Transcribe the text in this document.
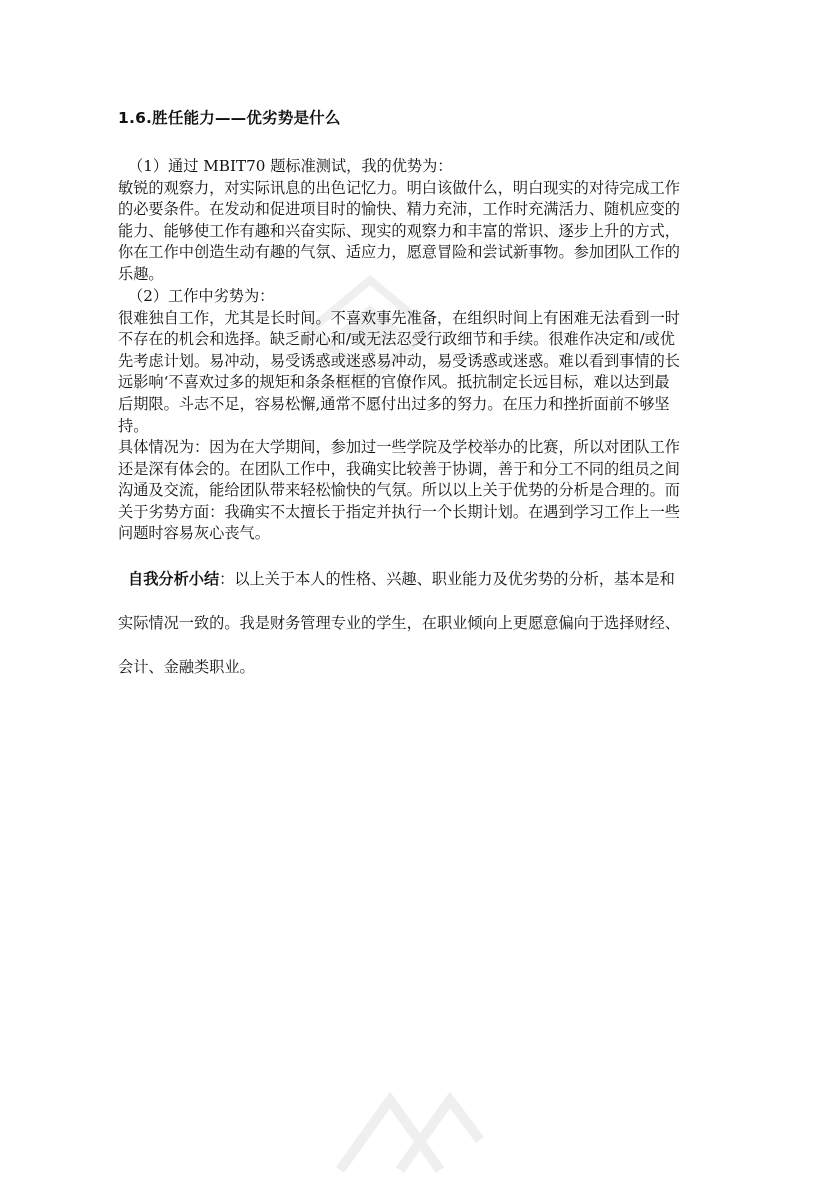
1.6.胜任能力——优劣势是什么

（1）通过 MBIT70 题标准测试，我的优势为：

敏锐的观察力，对实际讯息的出色记忆力。明白该做什么，明白现实的对待完成工作

的必要条件。在发动和促进项目时的愉快、精力充沛，工作时充满活力、随机应变的

能力、能够使工作有趣和兴奋实际、现实的观察力和丰富的常识、逐步上升的方式，

你在工作中创造生动有趣的气氛、适应力，愿意冒险和尝试新事物。参加团队工作的

乐趣。

（2）工作中劣势为：

很难独自工作，尤其是长时间。不喜欢事先准备，在组织时间上有困难无法看到一时

不存在的机会和选择。缺乏耐心和/或无法忍受行政细节和手续。很难作决定和/或优

先考虑计划。易冲动，易受诱惑或迷惑易冲动，易受诱惑或迷惑。难以看到事情的长

远影响‘不喜欢过多的规矩和条条框框的官僚作风。抵抗制定长远目标，难以达到最

后期限。斗志不足，容易松懈,通常不愿付出过多的努力。在压力和挫折面前不够坚

持。

具体情况为：因为在大学期间，参加过一些学院及学校举办的比赛，所以对团队工作

还是深有体会的。在团队工作中，我确实比较善于协调，善于和分工不同的组员之间

沟通及交流，能给团队带来轻松愉快的气氛。所以以上关于优势的分析是合理的。而

关于劣势方面：我确实不太擅长于指定并执行一个长期计划。在遇到学习工作上一些

问题时容易灰心丧气。

自我分析小结：以上关于本人的性格、兴趣、职业能力及优劣势的分析，基本是和

实际情况一致的。我是财务管理专业的学生，在职业倾向上更愿意偏向于选择财经、

会计、金融类职业。
